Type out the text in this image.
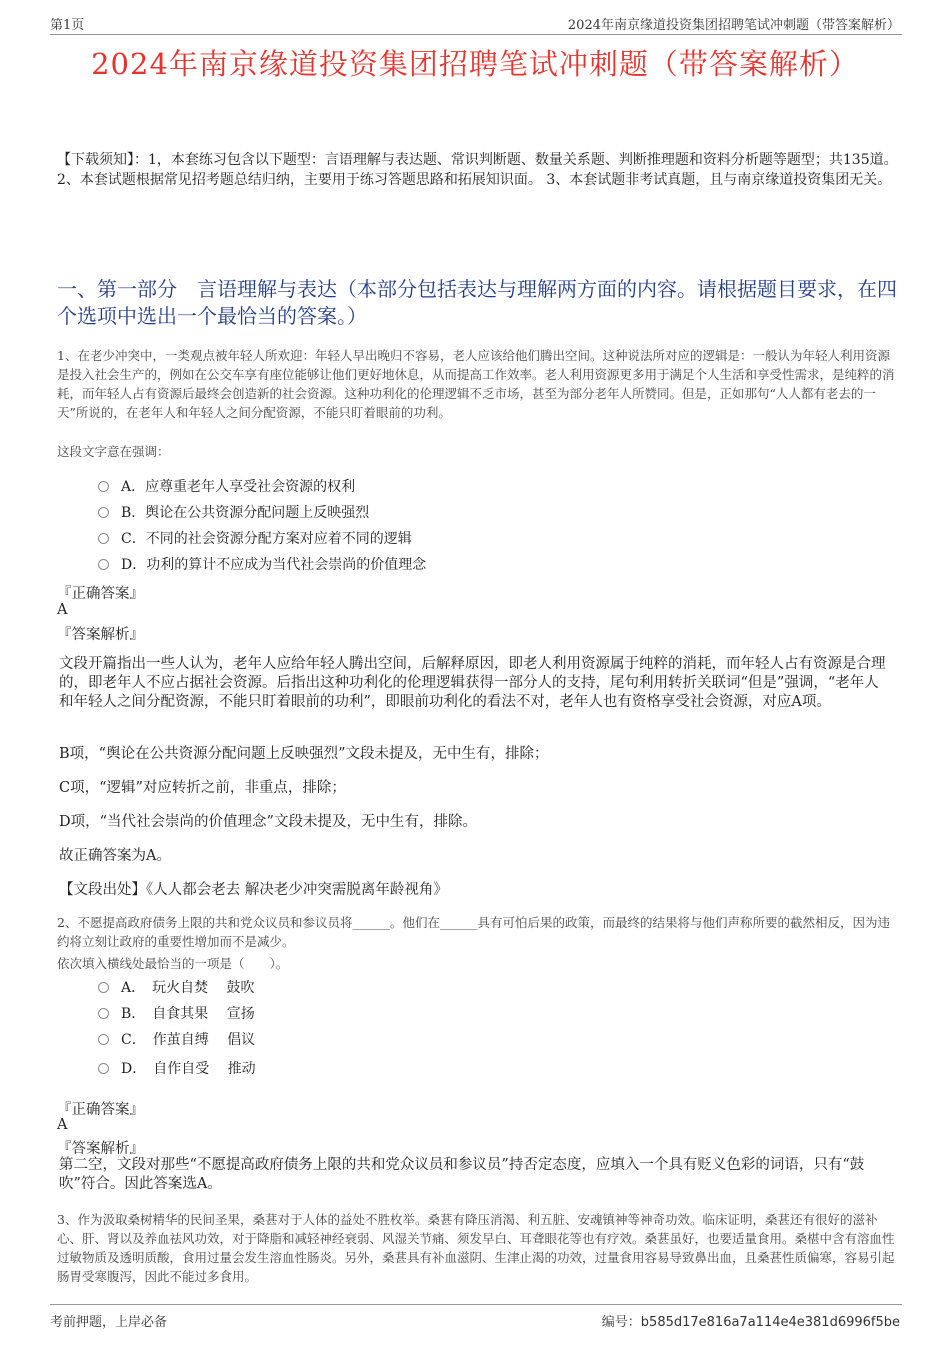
第1页	2024年南京缘道投资集团招聘笔试冲刺题（带答案解析）
2024年南京缘道投资集团招聘笔试冲刺题（带答案解析）
【下载须知】：1，本套练习包含以下题型：言语理解与表达题、常识判断题、数量关系题、判断推理题和资料分析题等题型；共135道。 2、本套试题根据常见招考题总结归纳，主要用于练习答题思路和拓展知识面。 3、本套试题非考试真题，且与南京缘道投资集团无关。
一、第一部分　言语理解与表达（本部分包括表达与理解两方面的内容。请根据题目要求，在四个选项中选出一个最恰当的答案。）
1、在老少冲突中，一类观点被年轻人所欢迎：年轻人早出晚归不容易，老人应该给他们腾出空间。这种说法所对应的逻辑是：一般认为年轻人利用资源是投入社会生产的，例如在公交车享有座位能够让他们更好地休息，从而提高工作效率。老人利用资源更多用于满足个人生活和享受性需求，是纯粹的消耗，而年轻人占有资源后最终会创造新的社会资源。这种功利化的伦理逻辑不乏市场，甚至为部分老年人所赞同。但是，正如那句“人人都有老去的一天”所说的，在老年人和年轻人之间分配资源，不能只盯着眼前的功利。
这段文字意在强调：
A．应尊重老年人享受社会资源的权利
B．舆论在公共资源分配问题上反映强烈
C．不同的社会资源分配方案对应着不同的逻辑
D．功利的算计不应成为当代社会崇尚的价值理念
『正确答案』
A
『答案解析』
文段开篇指出一些人认为，老年人应给年轻人腾出空间，后解释原因，即老人利用资源属于纯粹的消耗，而年轻人占有资源是合理的，即老年人不应占据社会资源。后指出这种功利化的伦理逻辑获得一部分人的支持，尾句利用转折关联词“但是”强调，“老年人和年轻人之间分配资源，不能只盯着眼前的功利”，即眼前功利化的看法不对，老年人也有资格享受社会资源，对应A项。
B项，“舆论在公共资源分配问题上反映强烈”文段未提及，无中生有，排除；
C项，“逻辑”对应转折之前，非重点，排除；
D项，“当代社会崇尚的价值理念”文段未提及，无中生有，排除。
故正确答案为A。
【文段出处】《人人都会老去 解决老少冲突需脱离年龄视角》
2、不愿提高政府债务上限的共和党众议员和参议员将______。他们在______具有可怕后果的政策，而最终的结果将与他们声称所要的截然相反，因为违约将立刻让政府的重要性增加而不是减少。
依次填入横线处最恰当的一项是（　　）。
A．　玩火自焚　 鼓吹
B．　自食其果　 宣扬
C．　作茧自缚　 倡议
D．　自作自受　 推动
『正确答案』
A
『答案解析』
第二空，文段对那些“不愿提高政府债务上限的共和党众议员和参议员”持否定态度，应填入一个具有贬义色彩的词语，只有“鼓吹”符合。因此答案选A。
3、作为汲取桑树精华的民间圣果，桑葚对于人体的益处不胜枚举。桑葚有降压消渴、利五脏、安魂镇神等神奇功效。临床证明，桑葚还有很好的滋补心、肝、肾以及养血祛风功效，对于降脂和减轻神经衰弱、风湿关节痛、须发早白、耳聋眼花等也有疗效。桑葚虽好，也要适量食用。桑椹中含有溶血性过敏物质及透明质酸，食用过量会发生溶血性肠炎。另外，桑葚具有补血滋阴、生津止渴的功效，过量食用容易导致鼻出血，且桑葚性质偏寒，容易引起肠胃受寒腹泻，因此不能过多食用。
考前押题，上岸必备	编号：b585d17e816a7a114e4e381d6996f5be
